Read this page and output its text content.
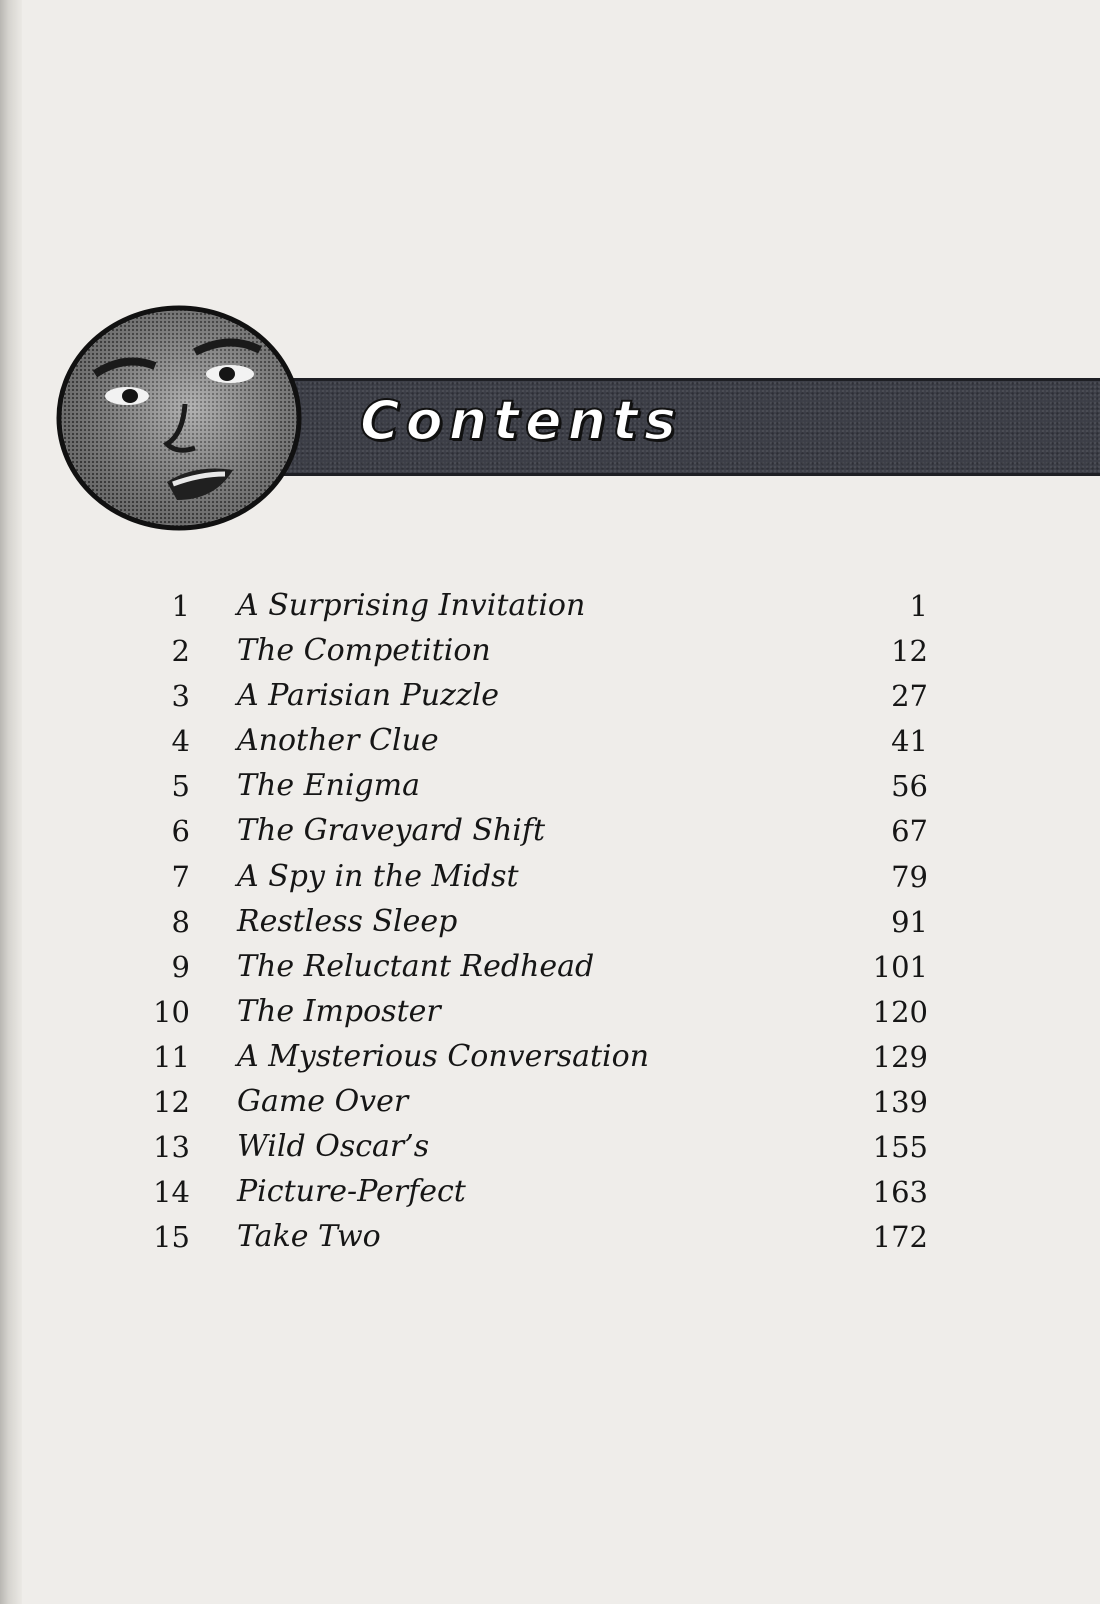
Contents
1 A Surprising Invitation	1
2 The Competition	12
3 A Parisian Puzzle	27
4 Another Clue	41
5 The Enigma	56
6 The Graveyard Shift	67
7 A Spy in the Midst	79
8 Restless Sleep	91
9 The Reluctant Redhead	101
10 The Imposter	120
11 A Mysterious Conversation	129
12 Game Over	139
13 Wild Oscar’s	155
14 Picture-Perfect	163
15 Take Two	172
